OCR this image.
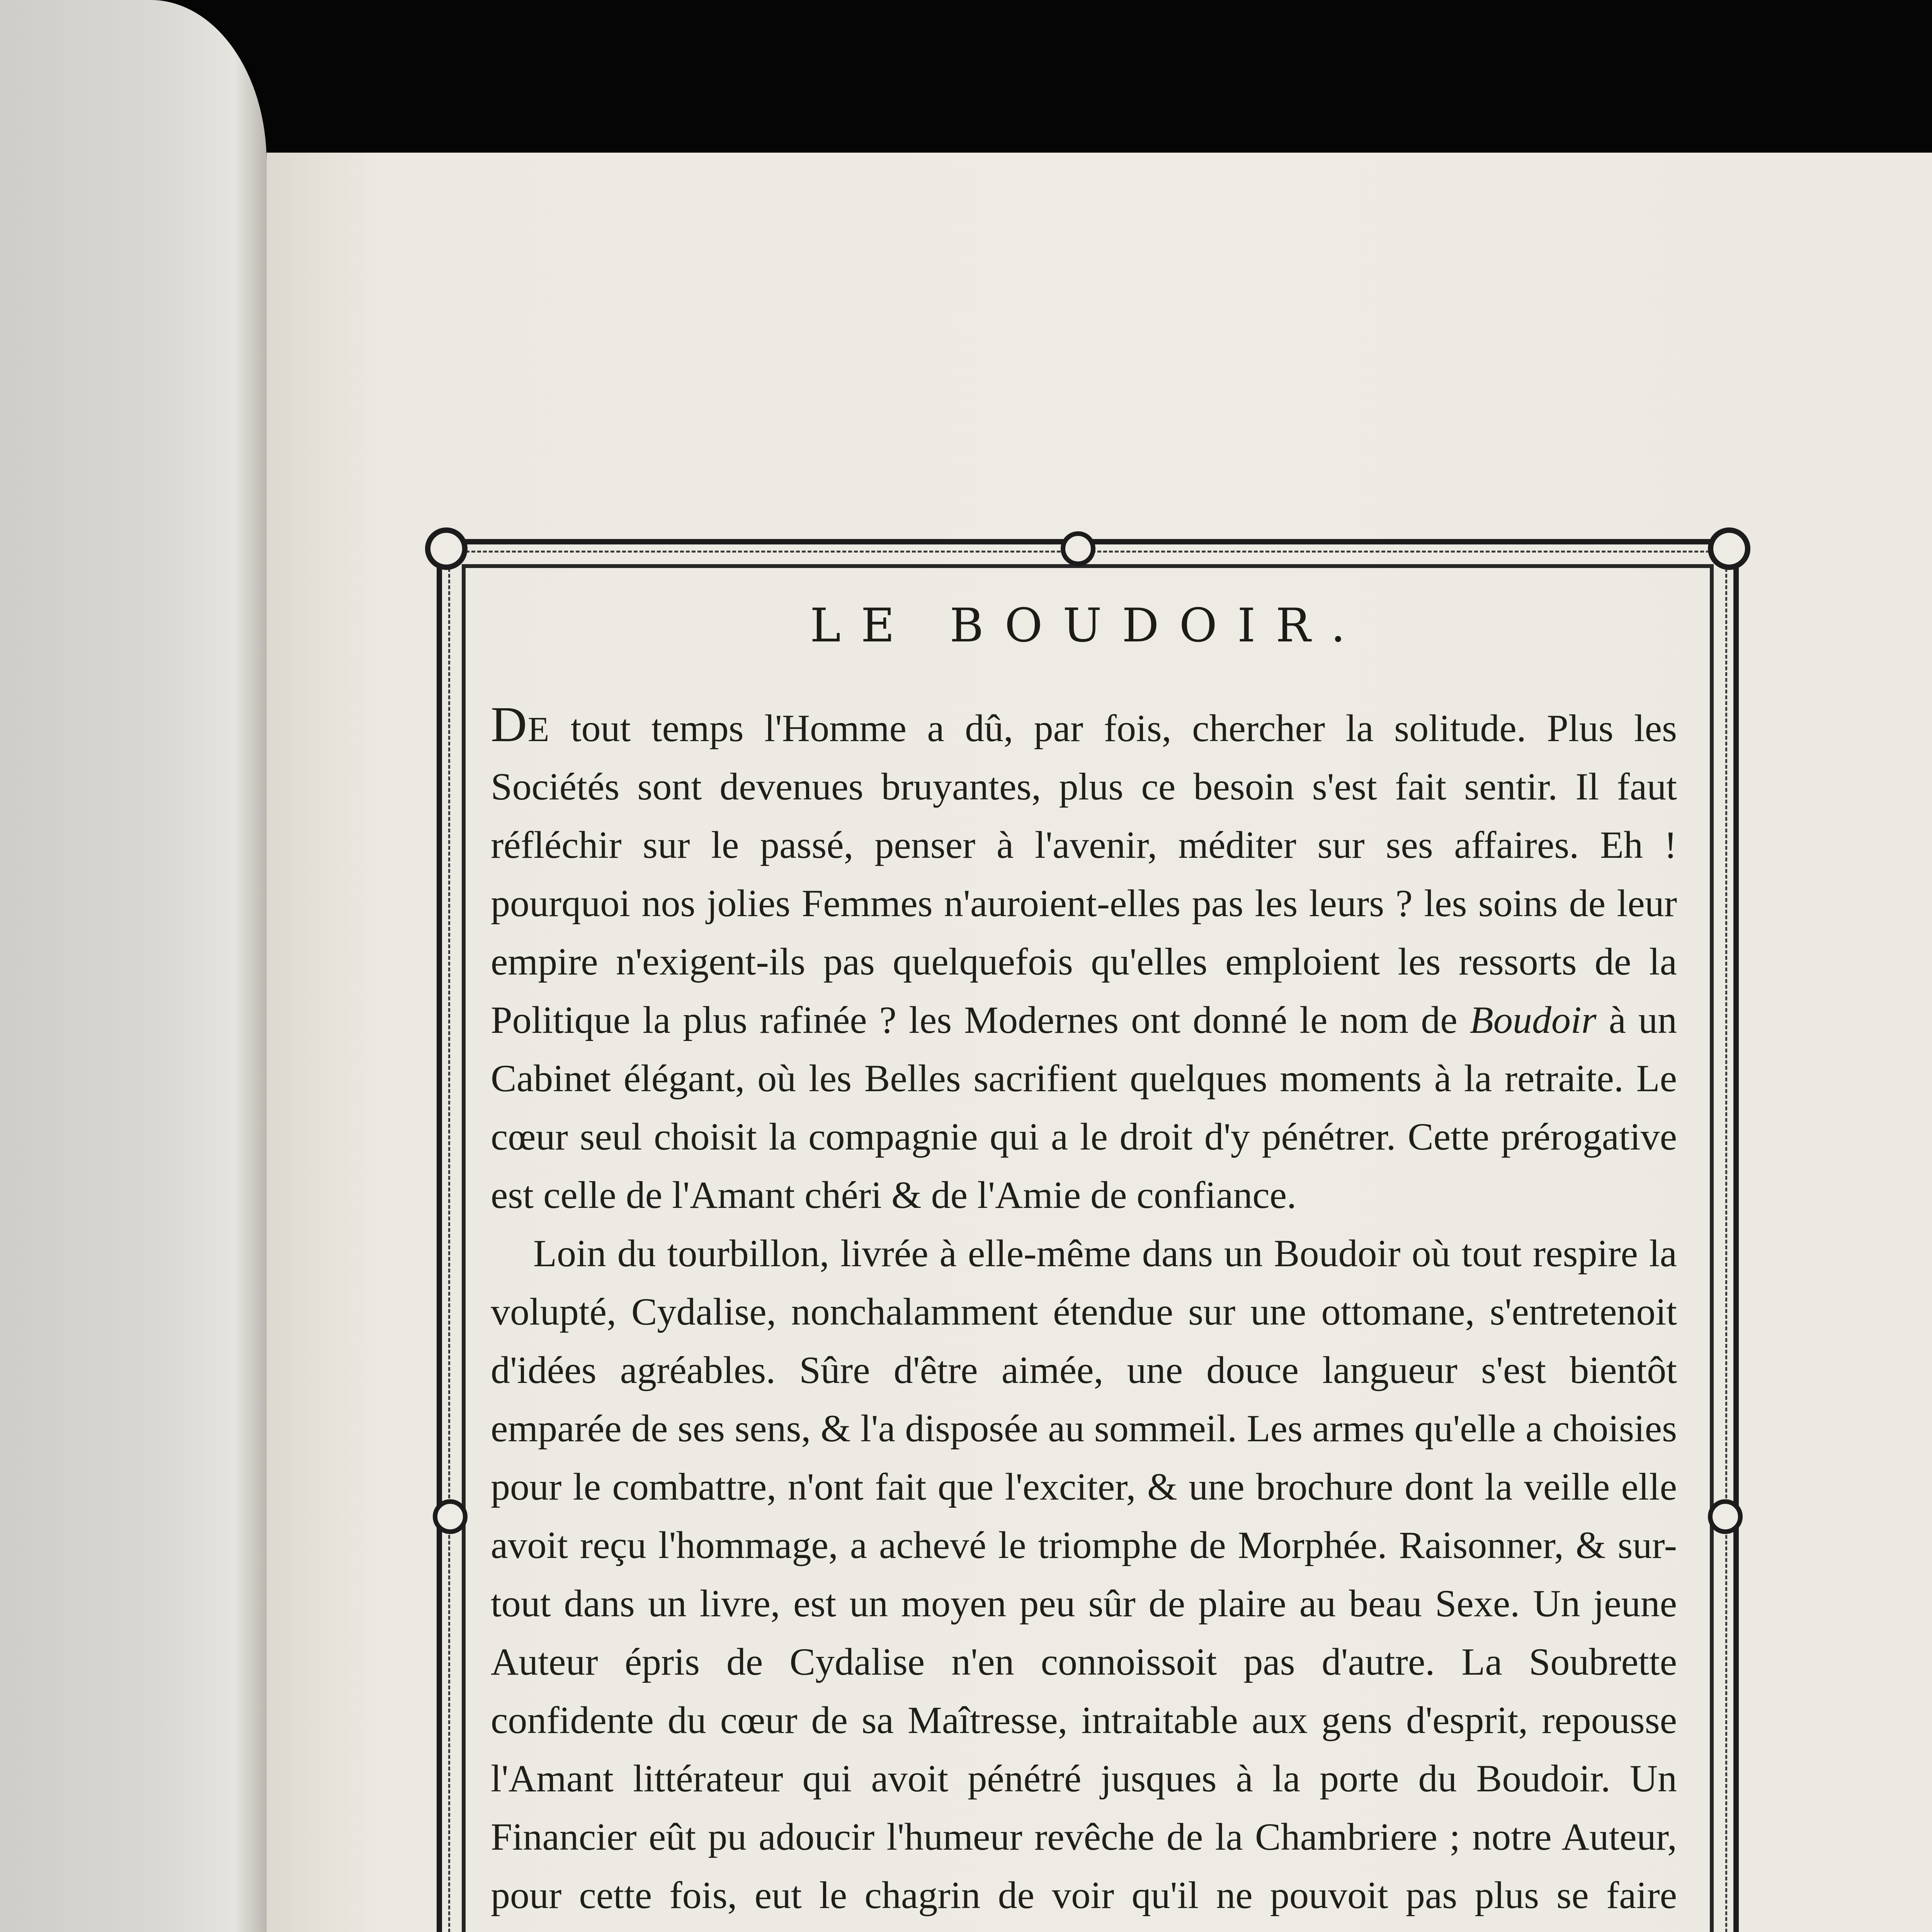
LE BOUDOIR.

De tout temps l'Homme a dû, par fois, chercher la solitude. Plus les Sociétés sont devenues bruyantes, plus ce besoin s'est fait sentir. Il faut réfléchir sur le passé, penser à l'avenir, méditer sur ses affaires. Eh ! pourquoi nos jolies Femmes n'auroient-elles pas les leurs ? les soins de leur empire n'exigent-ils pas quelquefois qu'elles emploient les ressorts de la Politique la plus rafinée ? les Modernes ont donné le nom de Boudoir à un Cabinet élégant, où les Belles sacrifient quelques moments à la retraite. Le cœur seul choisit la compagnie qui a le droit d'y pénétrer. Cette prérogative est celle de l'Amant chéri & de l'Amie de confiance.

Loin du tourbillon, livrée à elle-même dans un Boudoir où tout respire la volupté, Cydalise, nonchalamment étendue sur une ottomane, s'entretenoit d'idées agréables. Sûre d'être aimée, une douce langueur s'est bientôt emparée de ses sens, & l'a disposée au sommeil. Les armes qu'elle a choisies pour le combattre, n'ont fait que l'exciter, & une brochure dont la veille elle avoit reçu l'hommage, a achevé le triomphe de Morphée. Raisonner, & sur-tout dans un livre, est un moyen peu sûr de plaire au beau Sexe. Un jeune Auteur épris de Cydalise n'en connoissoit pas d'autre. La Soubrette confidente du cœur de sa Maîtresse, intraitable aux gens d'esprit, repousse l'Amant littérateur qui avoit pénétré jusques à la porte du Boudoir. Un Financier eût pu adoucir l'humeur revêche de la Chambriere ; notre Auteur, pour cette fois, eut le chagrin de voir qu'il ne pouvoit pas plus se faire
